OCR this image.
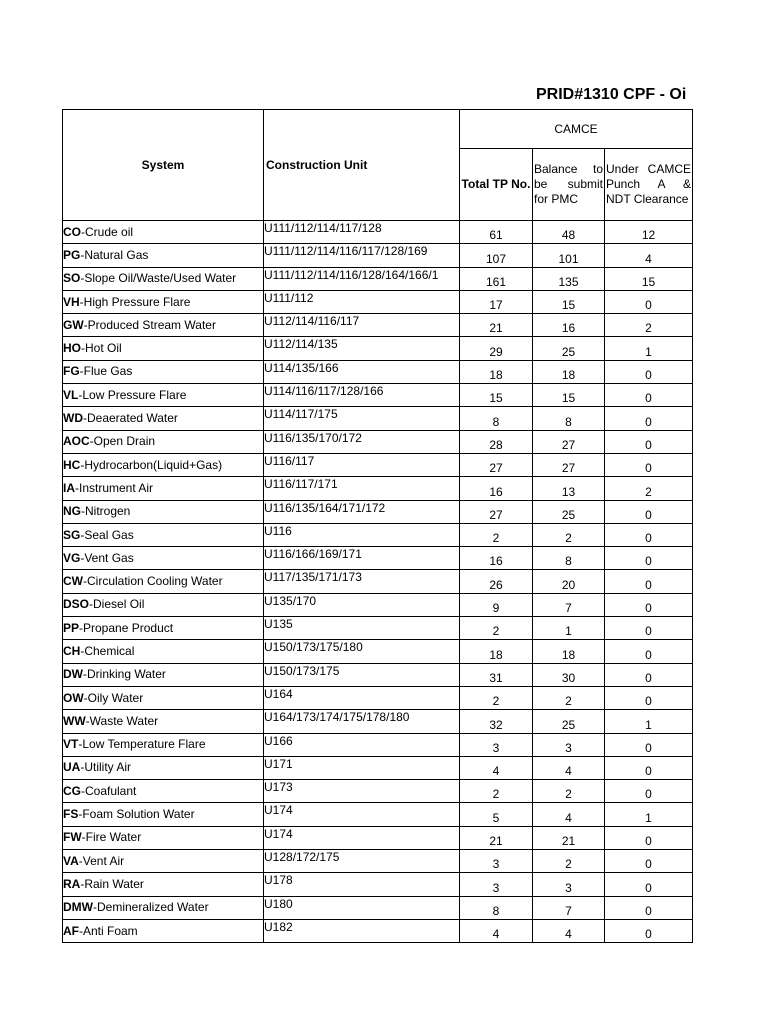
PRID#1310 CPF - Oi
System	Construction Unit	CAMCE		
		Total TP No.	Balance to
be submit
for PMC	Under CAMCE
Punch A &
NDT Clearance

CO-Crude oil	U111/112/114/117/128	61	48	12
PG-Natural Gas	U111/112/114/116/117/128/169	107	101	4
SO-Slope Oil/Waste/Used Water	U111/112/114/116/128/164/166/1	161	135	15
VH-High Pressure Flare	U111/112	17	15	0
GW-Produced Stream Water	U112/114/116/117	21	16	2
HO-Hot Oil	U112/114/135	29	25	1
FG-Flue Gas	U114/135/166	18	18	0
VL-Low Pressure Flare	U114/116/117/128/166	15	15	0
WD-Deaerated Water	U114/117/175	8	8	0
AOC-Open Drain	U116/135/170/172	28	27	0
HC-Hydrocarbon(Liquid+Gas)	U116/117	27	27	0
IA-Instrument Air	U116/117/171	16	13	2
NG-Nitrogen	U116/135/164/171/172	27	25	0
SG-Seal Gas	U116	2	2	0
VG-Vent Gas	U116/166/169/171	16	8	0
CW-Circulation Cooling Water	U117/135/171/173	26	20	0
DSO-Diesel Oil	U135/170	9	7	0
PP-Propane Product	U135	2	1	0
CH-Chemical	U150/173/175/180	18	18	0
DW-Drinking Water	U150/173/175	31	30	0
OW-Oily Water	U164	2	2	0
WW-Waste Water	U164/173/174/175/178/180	32	25	1
VT-Low Temperature Flare	U166	3	3	0
UA-Utility Air	U171	4	4	0
CG-Coafulant	U173	2	2	0
FS-Foam Solution Water	U174	5	4	1
FW-Fire Water	U174	21	21	0
VA-Vent Air	U128/172/175	3	2	0
RA-Rain Water	U178	3	3	0
DMW-Demineralized Water	U180	8	7	0
AF-Anti Foam	U182	4	4	0
